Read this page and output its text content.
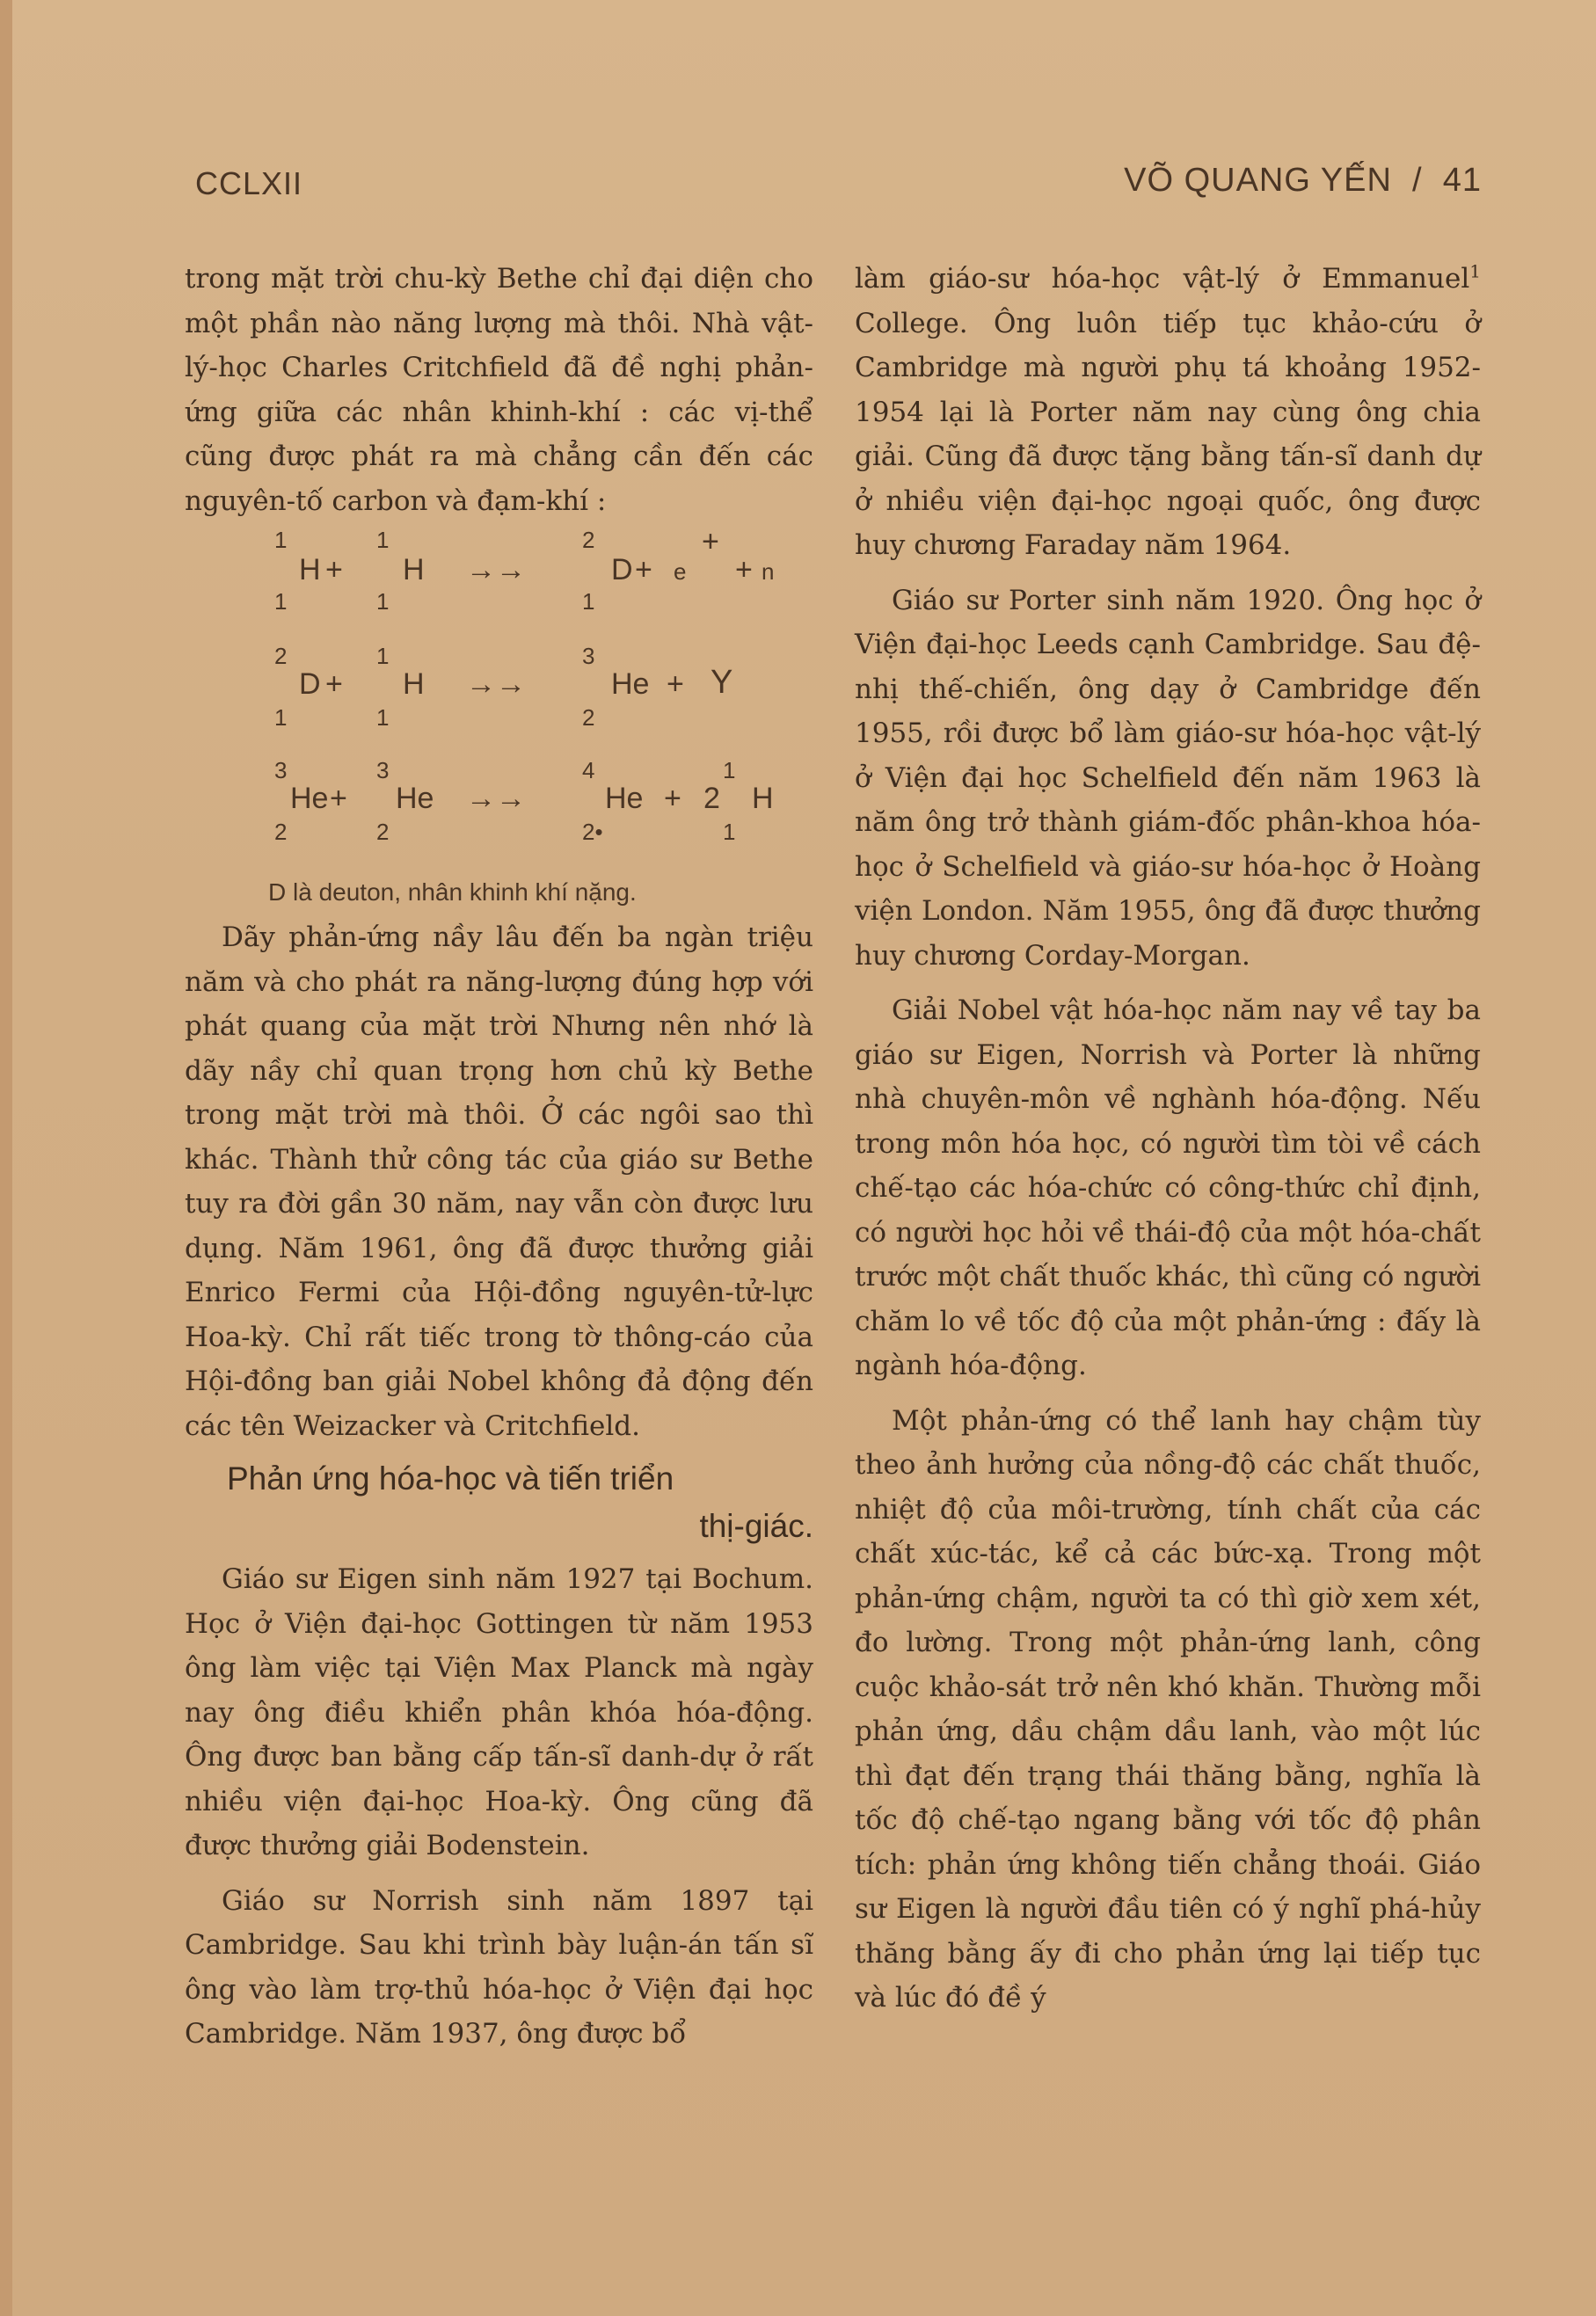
CCLXII	VÕ QUANG YẾN  /  41

trong mặt trời chu-kỳ Bethe chỉ đại diện cho một phần nào năng lượng mà thôi. Nhà vật-lý-học Charles Critchfield đã đề nghị phản-ứng giữa các nhân khinh-khí : các vị-thể cũng được phát ra mà chẳng cần đến các nguyên-tố carbon và đạm-khí :

1	1	2	+
H + H →→	D + e + n
1	1	1
2	1	3
D + H →→	He + Y
1	1	2
3	3	4	1
He + He →→	He + 2 H
2	2	2•	1
D là deuton, nhân khinh khí nặng.

Dãy phản-ứng nầy lâu đến ba ngàn triệu năm và cho phát ra năng-lượng đúng hợp với phát quang của mặt trời Nhưng nên nhớ là dãy nầy chỉ quan trọng hơn chủ kỳ Bethe trong mặt trời mà thôi. Ở các ngôi sao thì khác. Thành thử công tác của giáo sư Bethe tuy ra đời gần 30 năm, nay vẫn còn được lưu dụng. Năm 1961, ông đã được thưởng giải Enrico Fermi của Hội-đồng nguyên-tử-lực Hoa-kỳ. Chỉ rất tiếc trong tờ thông-cáo của Hội-đồng ban giải Nobel không đả động đến các tên Weizacker và Critchfield.

Phản ứng hóa-học và tiến triển
thị-giác.

Giáo sư Eigen sinh năm 1927 tại Bochum. Học ở Viện đại-học Gottingen từ năm 1953 ông làm việc tại Viện Max Planck mà ngày nay ông điều khiển phân khóa hóa-động. Ông được ban bằng cấp tấn-sĩ danh-dự ở rất nhiều viện đại-học Hoa-kỳ. Ông cũng đã được thưởng giải Bodenstein.

Giáo sư Norrish sinh năm 1897 tại Cambridge. Sau khi trình bày luận-án tấn sĩ ông vào làm trợ-thủ hóa-học ở Viện đại học Cambridge. Năm 1937, ông được bổ

làm giáo-sư hóa-học vật-lý ở Emmanuel$^1$ College. Ông luôn tiếp tục khảo-cứu ở Cambridge mà người phụ tá khoảng 1952-1954 lại là Porter năm nay cùng ông chia giải. Cũng đã được tặng bằng tấn-sĩ danh dự ở nhiều viện đại-học ngoại quốc, ông được huy chương Faraday năm 1964.

Giáo sư Porter sinh năm 1920. Ông học ở Viện đại-học Leeds cạnh Cambridge. Sau đệ-nhị thế-chiến, ông dạy ở Cambridge đến 1955, rồi được bổ làm giáo-sư hóa-học vật-lý ở Viện đại học Schelfield đến năm 1963 là năm ông trở thành giám-đốc phân-khoa hóa-học ở Schelfield và giáo-sư hóa-học ở Hoàng viện London. Năm 1955, ông đã được thưởng huy chương Corday-Morgan.

Giải Nobel vật hóa-học năm nay về tay ba giáo sư Eigen, Norrish và Porter là những nhà chuyên-môn về nghành hóa-động. Nếu trong môn hóa học, có người tìm tòi về cách chế-tạo các hóa-chức có công-thức chỉ định, có người học hỏi về thái-độ của một hóa-chất trước một chất thuốc khác, thì cũng có người chăm lo về tốc độ của một phản-ứng : đấy là ngành hóa-động.

Một phản-ứng có thể lanh hay chậm tùy theo ảnh hưởng của nồng-độ các chất thuốc, nhiệt độ của môi-trường, tính chất của các chất xúc-tác, kể cả các bức-xạ. Trong một phản-ứng chậm, người ta có thì giờ xem xét, đo lường. Trong một phản-ứng lanh, công cuộc khảo-sát trở nên khó khăn. Thường mỗi phản ứng, dầu chậm dầu lanh, vào một lúc thì đạt đến trạng thái thăng bằng, nghĩa là tốc độ chế-tạo ngang bằng với tốc độ phân tích: phản ứng không tiến chẳng thoái. Giáo sư Eigen là người đầu tiên có ý nghĩ phá-hủy thăng bằng ấy đi cho phản ứng lại tiếp tục và lúc đó đề ý
